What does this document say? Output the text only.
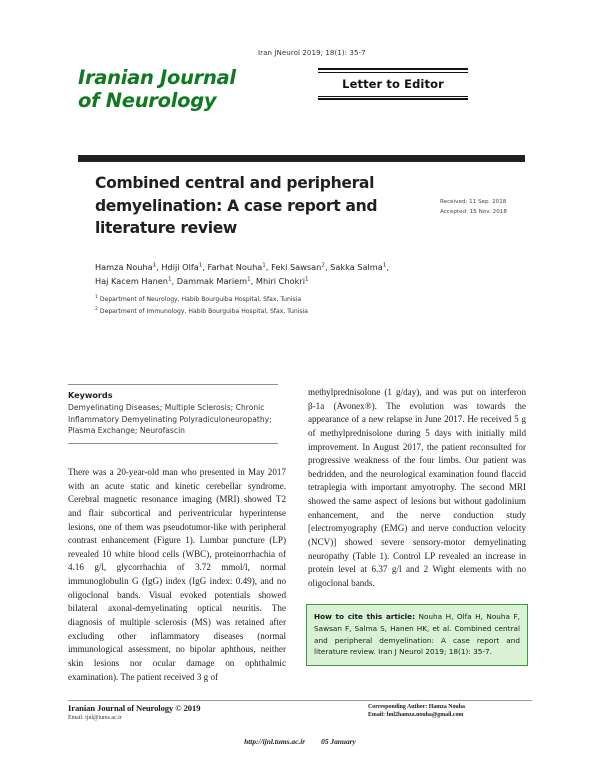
Iranian Journal
of Neurology
Letter to Editor
Iran JNeurol 2019; 18(1): 35-7
Combined central and peripheral
demyelination: A case report and
literature review
Received: 11 Sep. 2018
Accepted: 15 Nov. 2018
Hamza Nouha$^1$, Hdiji Olfa$^1$, Farhat Nouha$^1$, Feki Sawsan$^2$, Sakka Salma$^1$,
Haj Kacem Hanen$^1$, Dammak Mariem$^1$, Mhiri Chokri$^1$
$^1$ Department of Neurology, Habib Bourguiba Hospital, Sfax, Tunisia
$^2$ Department of Immunology, Habib Bourguiba Hospital, Sfax, Tunisia
Keywords
Demyelinating Diseases; Multiple Sclerosis; Chronic Inflammatory Demyelinating Polyradiculoneuropathy; Plasma Exchange; Neurofascin

There was a 20-year-old man who presented in May 2017 with an acute static and kinetic cerebellar syndrome. Cerebral magnetic resonance imaging (MRI) showed T2 and flair subcortical and periventricular hyperintense lesions, one of them was pseudotumor-like with peripheral contrast enhancement (Figure 1). Lumbar puncture (LP) revealed 10 white blood cells (WBC), proteinorrhachia of 4.16 g/l, glycorrhachia of 3.72 mmol/l, normal immunoglobulin G (IgG) index (IgG index: 0.49), and no oligoclonal bands. Visual evoked potentials showed bilateral axonal-demyelinating optical neuritis. The diagnosis of multiple sclerosis (MS) was retained after excluding other inflammatory diseases (normal immunological assessment, no bipolar aphthous, neither skin lesions nor ocular damage on ophthalmic examination). The patient received 3 g of

methylprednisolone (1 g/day), and was put on interferon β-1a (Avonex®). The evolution was towards the appearance of a new relapse in June 2017. He received 5 g of methylprednisolone during 5 days with initially mild improvement. In August 2017, the patient reconsulted for progressive weakness of the four limbs. Our patient was bedridden, and the neurological examination found flaccid tetraplegia with important amyotrophy. The second MRI showed the same aspect of lesions but without gadolinium enhancement, and the nerve conduction study [electromyography (EMG) and nerve conduction velocity (NCV)] showed severe sensory-motor demyelinating neuropathy (Table 1). Control LP revealed an increase in protein level at 6.37 g/l and 2 Wight elements with no oligoclonal bands.

How to cite this article: Nouha H, Olfa H, Nouha F, Sawsan F, Salma S, Hanen HK, et al. Combined central and peripheral demyelination: A case report and literature review. Iran J Neurol 2019; 18(1): 35-7.
Iranian Journal of Neurology © 2019
Email: ijnl@tums.ac.ir
Corresponding Author: Hamza Nouha
Email: fml2hamza.nouha@gmail.com
http://ijnl.tums.ac.ir 05 January
